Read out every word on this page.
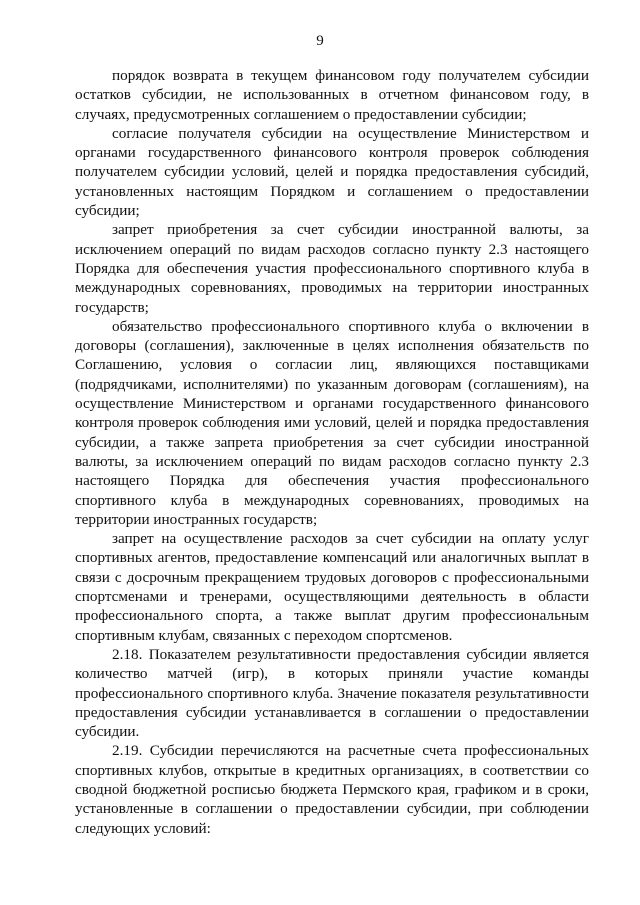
9

порядок возврата в текущем финансовом году получателем субсидии остатков субсидии, не использованных в отчетном финансовом году, в случаях, предусмотренных соглашением о предоставлении субсидии;

согласие получателя субсидии на осуществление Министерством и органами государственного финансового контроля проверок соблюдения получателем субсидии условий, целей и порядка предоставления субсидий, установленных настоящим Порядком и соглашением о предоставлении субсидии;

запрет приобретения за счет субсидии иностранной валюты, за исключением операций по видам расходов согласно пункту 2.3 настоящего Порядка для обеспечения участия профессионального спортивного клуба в международных соревнованиях, проводимых на территории иностранных государств;

обязательство профессионального спортивного клуба о включении в договоры (соглашения), заключенные в целях исполнения обязательств по Соглашению, условия о согласии лиц, являющихся поставщиками (подрядчиками, исполнителями) по указанным договорам (соглашениям), на осуществление Министерством и органами государственного финансового контроля проверок соблюдения ими условий, целей и порядка предоставления субсидии, а также запрета приобретения за счет субсидии иностранной валюты, за исключением операций по видам расходов согласно пункту 2.3 настоящего Порядка для обеспечения участия профессионального спортивного клуба в международных соревнованиях, проводимых на территории иностранных государств;

запрет на осуществление расходов за счет субсидии на оплату услуг спортивных агентов, предоставление компенсаций или аналогичных выплат в связи с досрочным прекращением трудовых договоров с профессиональными спортсменами и тренерами, осуществляющими деятельность в области профессионального спорта, а также выплат другим профессиональным спортивным клубам, связанных с переходом спортсменов.

2.18. Показателем результативности предоставления субсидии является количество матчей (игр), в которых приняли участие команды профессионального спортивного клуба. Значение показателя результативности предоставления субсидии устанавливается в соглашении о предоставлении субсидии.

2.19. Субсидии перечисляются на расчетные счета профессиональных спортивных клубов, открытые в кредитных организациях, в соответствии со сводной бюджетной росписью бюджета Пермского края, графиком и в сроки, установленные в соглашении о предоставлении субсидии, при соблюдении следующих условий:
